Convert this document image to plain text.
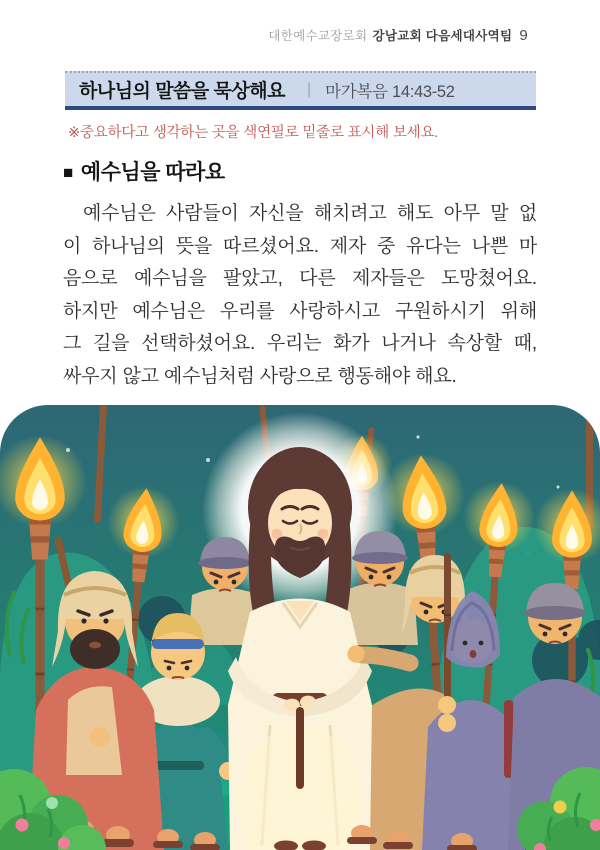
대한예수교장로회 강남교회 다음세대사역팀 9
하나님의 말씀을 묵상해요 | 마가복음 14:43-52
※중요하다고 생각하는 곳을 색연필로 밑줄로 표시해 보세요.
■ 예수님을 따라요
예수님은 사람들이 자신을 해치려고 해도 아무 말 없
이 하나님의 뜻을 따르셨어요. 제자 중 유다는 나쁜 마
음으로 예수님을 팔았고, 다른 제자들은 도망쳤어요.
하지만 예수님은 우리를 사랑하시고 구원하시기 위해
그 길을 선택하셨어요. 우리는 화가 나거나 속상할 때,
싸우지 않고 예수님처럼 사랑으로 행동해야 해요.
